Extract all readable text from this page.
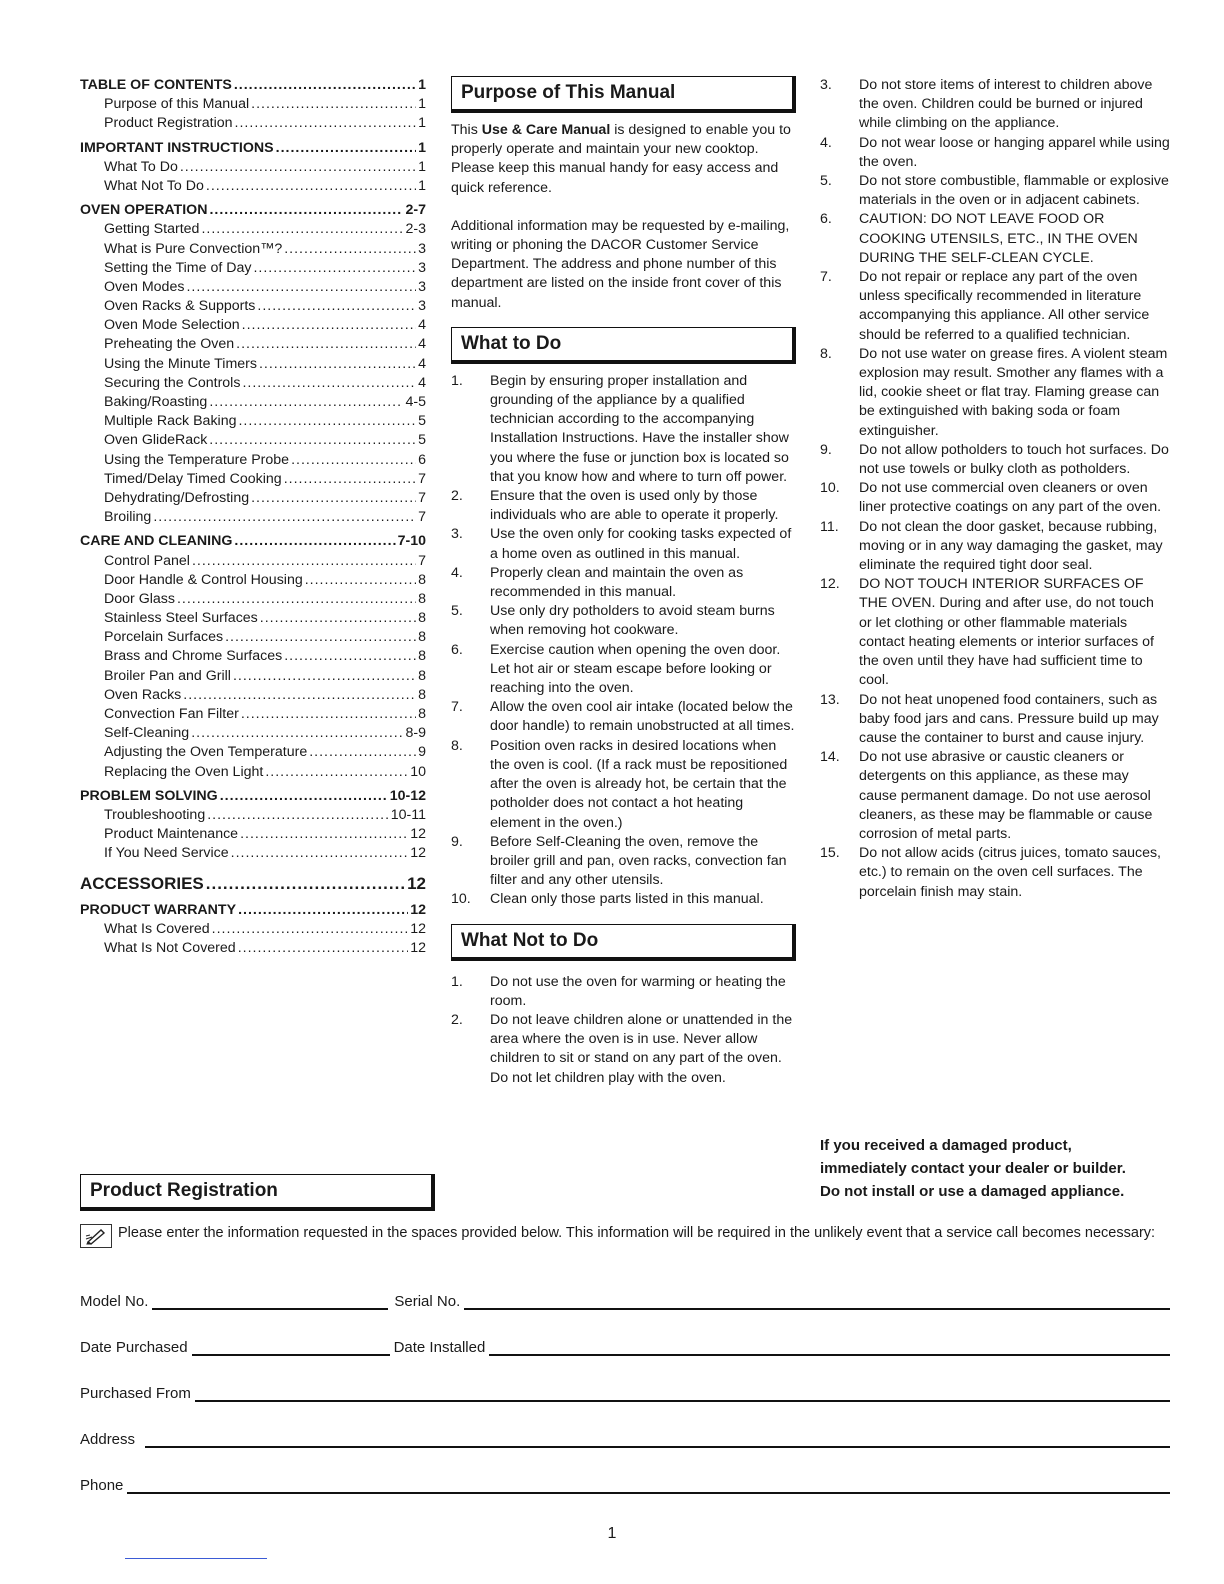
TABLE OF CONTENTS .....	1
Purpose of this Manual .....	1
Product Registration .....	1
IMPORTANT INSTRUCTIONS .....	1
What To Do .....	1
What Not To Do .....	1
OVEN OPERATION .....	2-7
Getting Started .....	2-3
What is Pure Convection™? .....	3
Setting the Time of Day .....	3
Oven Modes .....	3
Oven Racks & Supports .....	3
Oven Mode Selection .....	4
Preheating the Oven .....	4
Using the Minute Timers .....	4
Securing the Controls .....	4
Baking/Roasting .....	4-5
Multiple Rack Baking .....	5
Oven GlideRack .....	5
Using the Temperature Probe .....	6
Timed/Delay Timed Cooking .....	7
Dehydrating/Defrosting .....	7
Broiling .....	7
CARE AND CLEANING .....	7-10
Control Panel .....	7
Door Handle & Control Housing .....	8
Door Glass .....	8
Stainless Steel Surfaces .....	8
Porcelain Surfaces .....	8
Brass and Chrome Surfaces .....	8
Broiler Pan and Grill .....	8
Oven Racks .....	8
Convection Fan Filter .....	8
Self-Cleaning .....	8-9
Adjusting the Oven Temperature .....	9
Replacing the Oven Light .....	10
PROBLEM SOLVING .....	10-12
Troubleshooting .....	10-11
Product Maintenance .....	12
If You Need Service .....	12
ACCESSORIES .....	12
PRODUCT WARRANTY .....	12
What Is Covered .....	12
What Is Not Covered .....	12
Purpose of This Manual

This Use & Care Manual is designed to enable you to properly operate and maintain your new cooktop. Please keep this manual handy for easy access and quick reference.

Additional information may be requested by e-mailing, writing or phoning the DACOR Customer Service Department. The address and phone number of this department are listed on the inside front cover of this manual.

What to Do
1.	Begin by ensuring proper installation and grounding of the appliance by a qualified technician according to the accompanying Installation Instructions. Have the installer show you where the fuse or junction box is located so that you know how and where to turn off power.
2.	Ensure that the oven is used only by those individuals who are able to operate it properly.
3.	Use the oven only for cooking tasks expected of a home oven as outlined in this manual.
4.	Properly clean and maintain the oven as recommended in this manual.
5.	Use only dry potholders to avoid steam burns when removing hot cookware.
6.	Exercise caution when opening the oven door. Let hot air or steam escape before looking or reaching into the oven.
7.	Allow the oven cool air intake (located below the door handle) to remain unobstructed at all times.
8.	Position oven racks in desired locations when the oven is cool. (If a rack must be repositioned after the oven is already hot, be certain that the potholder does not contact a hot heating element in the oven.)
9.	Before Self-Cleaning the oven, remove the broiler grill and pan, oven racks, convection fan filter and any other utensils.
10.	Clean only those parts listed in this manual.
What Not to Do
1.	Do not use the oven for warming or heating the room.
2.	Do not leave children alone or unattended in the area where the oven is in use. Never allow children to sit or stand on any part of the oven. Do not let children play with the oven.
3.	Do not store items of interest to children above the oven. Children could be burned or injured while climbing on the appliance.
4.	Do not wear loose or hanging apparel while using the oven.
5.	Do not store combustible, flammable or explosive materials in the oven or in adjacent cabinets.
6.	CAUTION: DO NOT LEAVE FOOD OR COOKING UTENSILS, ETC., IN THE OVEN DURING THE SELF-CLEAN CYCLE.
7.	Do not repair or replace any part of the oven unless specifically recommended in literature accompanying this appliance. All other service should be referred to a qualified technician.
8.	Do not use water on grease fires. A violent steam explosion may result. Smother any flames with a lid, cookie sheet or flat tray. Flaming grease can be extinguished with baking soda or foam extinguisher.
9.	Do not allow potholders to touch hot surfaces. Do not use towels or bulky cloth as potholders.
10.	Do not use commercial oven cleaners or oven liner protective coatings on any part of the oven.
11.	Do not clean the door gasket, because rubbing, moving or in any way damaging the gasket, may eliminate the required tight door seal.
12.	DO NOT TOUCH INTERIOR SURFACES OF THE OVEN. During and after use, do not touch or let clothing or other flammable materials contact heating elements or interior surfaces of the oven until they have had sufficient time to cool.
13.	Do not heat unopened food containers, such as baby food jars and cans. Pressure build up may cause the container to burst and cause injury.
14.	Do not use abrasive or caustic cleaners or detergents on this appliance, as these may cause permanent damage. Do not use aerosol cleaners, as these may be flammable or cause corrosion of metal parts.
15.	Do not allow acids (citrus juices, tomato sauces, etc.) to remain on the oven cell surfaces. The porcelain finish may stain.
If you received a damaged product,
immediately contact your dealer or builder.
Do not install or use a damaged appliance.
Product Registration
Please enter the information requested in the spaces provided below. This information will be required in the unlikely event that a service call becomes necessary:
Model No.	Serial No.
Date Purchased	Date Installed
Purchased From
Address
Phone
1
